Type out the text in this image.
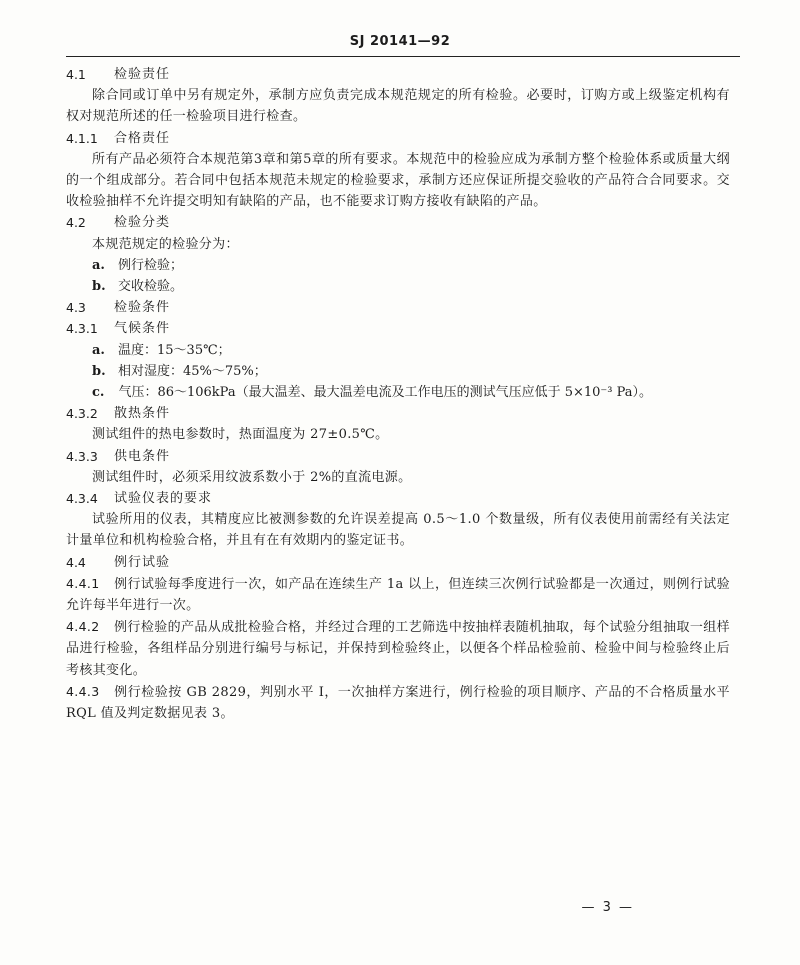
SJ 20141—92
4.1	检验责任
除合同或订单中另有规定外，承制方应负责完成本规范规定的所有检验。必要时，订购方或上级鉴定机构有权对规范所述的任一检验项目进行检查。
4.1.1	合格责任
所有产品必须符合本规范第3章和第5章的所有要求。本规范中的检验应成为承制方整个检验体系或质量大纲的一个组成部分。若合同中包括本规范未规定的检验要求，承制方还应保证所提交验收的产品符合合同要求。交收检验抽样不允许提交明知有缺陷的产品，也不能要求订购方接收有缺陷的产品。
4.2	检验分类
本规范规定的检验分为：
a.	例行检验；
b. 交收检验。
4.3	检验条件
4.3.1	气候条件
a.	温度：15～35℃；
b. 相对湿度：45%～75%；
c. 气压：86～106kPa（最大温差、最大温差电流及工作电压的测试气压应低于 5×10⁻³ Pa）。
4.3.2	散热条件
测试组件的热电参数时，热面温度为 27±0.5℃。
4.3.3	供电条件
测试组件时，必须采用纹波系数小于 2%的直流电源。
4.3.4	试验仪表的要求
试验所用的仪表，其精度应比被测参数的允许误差提高 0.5～1.0 个数量级，所有仪表使用前需经有关法定计量单位和机构检验合格，并且有在有效期内的鉴定证书。
4.4	例行试验
4.4.1 例行试验每季度进行一次，如产品在连续生产 1a 以上，但连续三次例行试验都是一次通过，则例行试验允许每半年进行一次。
4.4.2 例行检验的产品从成批检验合格，并经过合理的工艺筛选中按抽样表随机抽取，每个试验分组抽取一组样品进行检验，各组样品分别进行编号与标记，并保持到检验终止，以便各个样品检验前、检验中间与检验终止后考核其变化。
4.4.3 例行检验按 GB 2829，判别水平 Ⅰ，一次抽样方案进行，例行检验的项目顺序、产品的不合格质量水平 RQL 值及判定数据见表 3。
— 3 —
